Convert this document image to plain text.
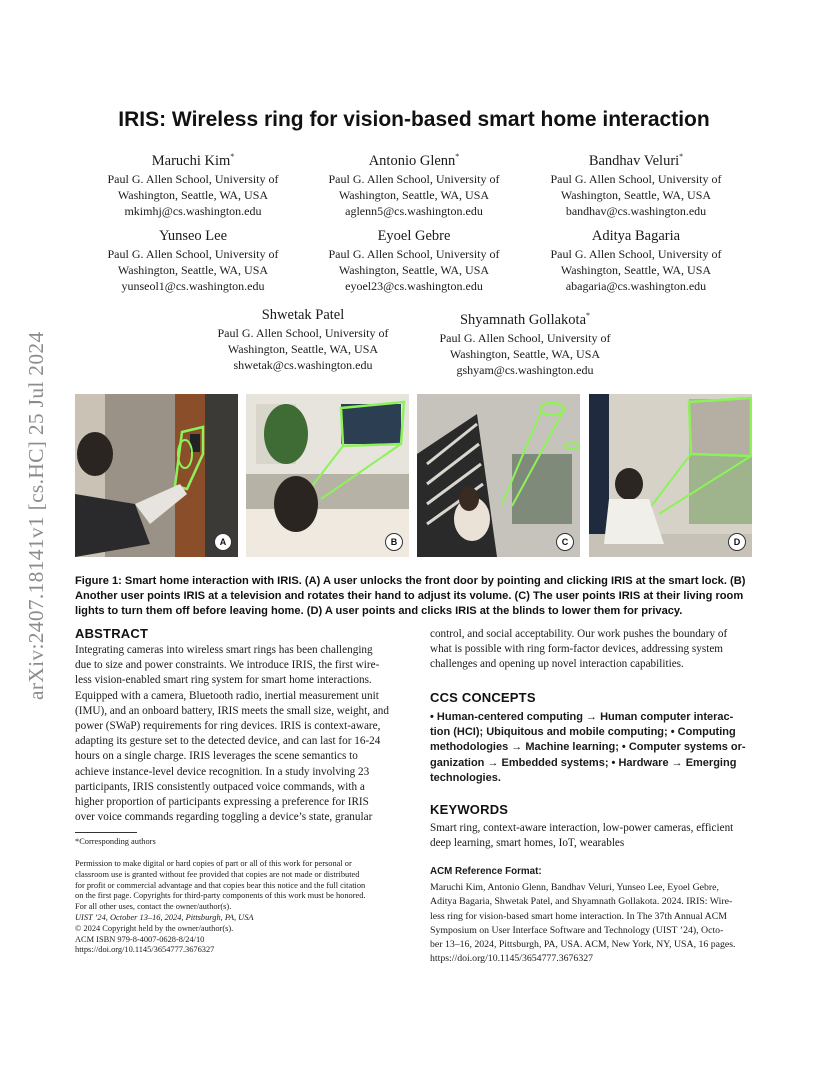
arXiv:2407.18141v1 [cs.HC] 25 Jul 2024
IRIS: Wireless ring for vision-based smart home interaction
Maruchi Kim*
Paul G. Allen School, University of
Washington, Seattle, WA, USA
mkimhj@cs.washington.edu
Antonio Glenn*
Paul G. Allen School, University of
Washington, Seattle, WA, USA
aglenn5@cs.washington.edu
Bandhav Veluri*
Paul G. Allen School, University of
Washington, Seattle, WA, USA
bandhav@cs.washington.edu
Yunseo Lee
Paul G. Allen School, University of
Washington, Seattle, WA, USA
yunseol1@cs.washington.edu
Eyoel Gebre
Paul G. Allen School, University of
Washington, Seattle, WA, USA
eyoel23@cs.washington.edu
Aditya Bagaria
Paul G. Allen School, University of
Washington, Seattle, WA, USA
abagaria@cs.washington.edu
Shwetak Patel
Paul G. Allen School, University of
Washington, Seattle, WA, USA
shwetak@cs.washington.edu
Shyamnath Gollakota*
Paul G. Allen School, University of
Washington, Seattle, WA, USA
gshyam@cs.washington.edu
A	B	C	D
Figure 1: Smart home interaction with IRIS. (A) A user unlocks the front door by pointing and clicking IRIS at the smart lock. (B) Another user points IRIS at a television and rotates their hand to adjust its volume. (C) The user points IRIS at their living room lights to turn them off before leaving home. (D) A user points and clicks IRIS at the blinds to lower them for privacy.
ABSTRACT
Integrating cameras into wireless smart rings has been challenging
due to size and power constraints. We introduce IRIS, the first wire-
less vision-enabled smart ring system for smart home interactions.
Equipped with a camera, Bluetooth radio, inertial measurement unit
(IMU), and an onboard battery, IRIS meets the small size, weight, and
power (SWaP) requirements for ring devices. IRIS is context-aware,
adapting its gesture set to the detected device, and can last for 16-24
hours on a single charge. IRIS leverages the scene semantics to
achieve instance-level device recognition. In a study involving 23
participants, IRIS consistently outpaced voice commands, with a
higher proportion of participants expressing a preference for IRIS
over voice commands regarding toggling a device’s state, granular
*Corresponding authors
Permission to make digital or hard copies of part or all of this work for personal or
classroom use is granted without fee provided that copies are not made or distributed
for profit or commercial advantage and that copies bear this notice and the full citation
on the first page. Copyrights for third-party components of this work must be honored.
For all other uses, contact the owner/author(s).
UIST ’24, October 13–16, 2024, Pittsburgh, PA, USA
© 2024 Copyright held by the owner/author(s).
ACM ISBN 979-8-4007-0628-8/24/10
https://doi.org/10.1145/3654777.3676327
control, and social acceptability. Our work pushes the boundary of
what is possible with ring form-factor devices, addressing system
challenges and opening up novel interaction capabilities.
CCS CONCEPTS
• Human-centered computing → Human computer interac-
tion (HCI); Ubiquitous and mobile computing; • Computing
methodologies → Machine learning; • Computer systems or-
ganization → Embedded systems; • Hardware → Emerging
technologies.
KEYWORDS
Smart ring, context-aware interaction, low-power cameras, efficient
deep learning, smart homes, IoT, wearables
ACM Reference Format:
Maruchi Kim, Antonio Glenn, Bandhav Veluri, Yunseo Lee, Eyoel Gebre,
Aditya Bagaria, Shwetak Patel, and Shyamnath Gollakota. 2024. IRIS: Wire-
less ring for vision-based smart home interaction. In The 37th Annual ACM
Symposium on User Interface Software and Technology (UIST ’24), Octo-
ber 13–16, 2024, Pittsburgh, PA, USA. ACM, New York, NY, USA, 16 pages.
https://doi.org/10.1145/3654777.3676327
